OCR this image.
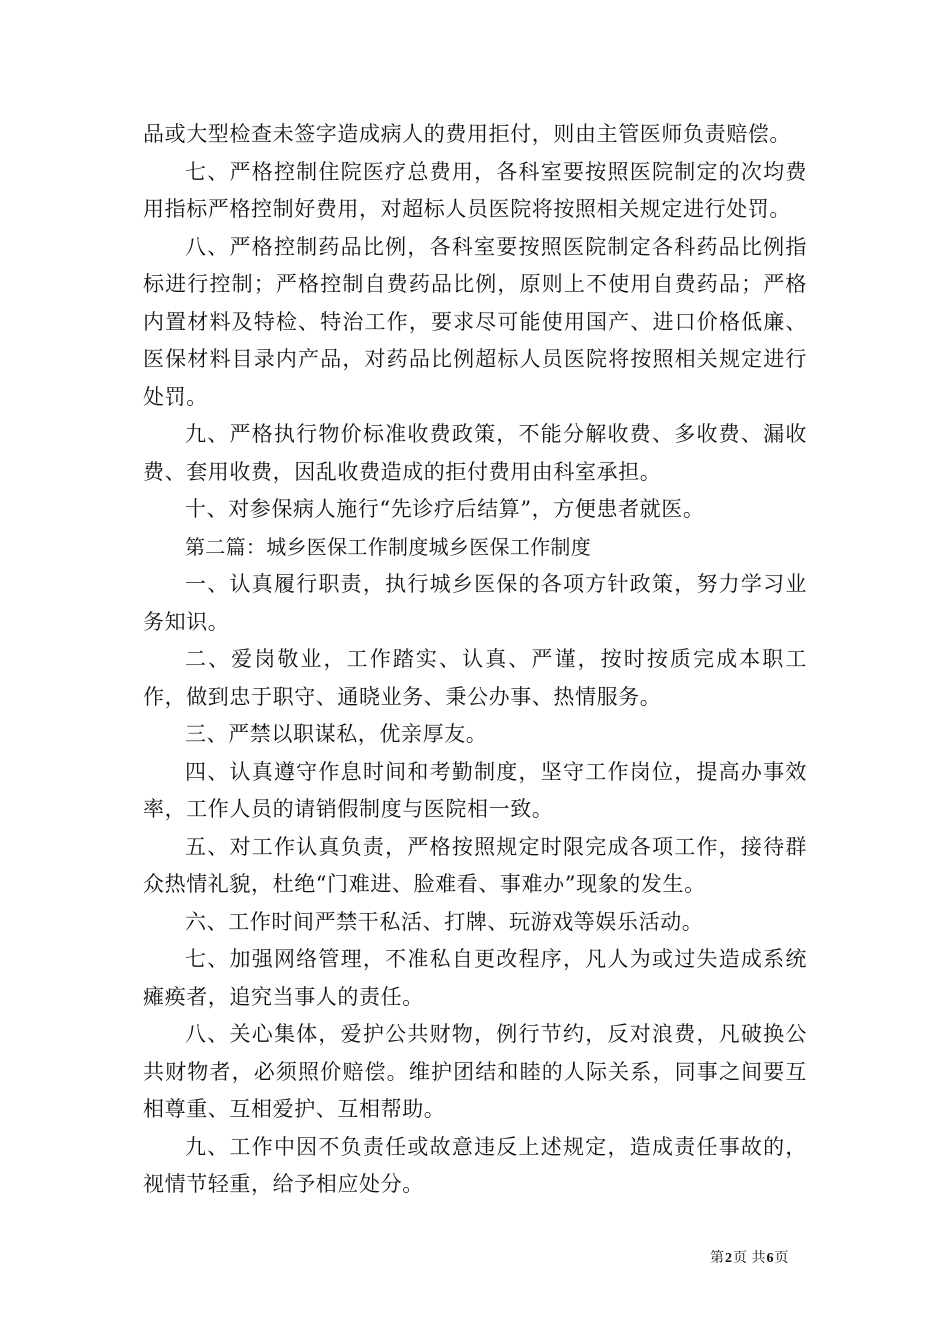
品或大型检查未签字造成病人的费用拒付，则由主管医师负责赔偿。

七、严格控制住院医疗总费用，各科室要按照医院制定的次均费用指标严格控制好费用，对超标人员医院将按照相关规定进行处罚。

八、严格控制药品比例，各科室要按照医院制定各科药品比例指标进行控制；严格控制自费药品比例，原则上不使用自费药品；严格内置材料及特检、特治工作，要求尽可能使用国产、进口价格低廉、医保材料目录内产品，对药品比例超标人员医院将按照相关规定进行处罚。

九、严格执行物价标准收费政策，不能分解收费、多收费、漏收费、套用收费，因乱收费造成的拒付费用由科室承担。

十、对参保病人施行“先诊疗后结算”，方便患者就医。

第二篇：城乡医保工作制度城乡医保工作制度

一、认真履行职责，执行城乡医保的各项方针政策，努力学习业务知识。

二、爱岗敬业，工作踏实、认真、严谨，按时按质完成本职工作，做到忠于职守、通晓业务、秉公办事、热情服务。

三、严禁以职谋私，优亲厚友。

四、认真遵守作息时间和考勤制度，坚守工作岗位，提高办事效率，工作人员的请销假制度与医院相一致。

五、对工作认真负责，严格按照规定时限完成各项工作，接待群众热情礼貌，杜绝“门难进、脸难看、事难办”现象的发生。

六、工作时间严禁干私活、打牌、玩游戏等娱乐活动。

七、加强网络管理，不准私自更改程序，凡人为或过失造成系统瘫痪者，追究当事人的责任。

八、关心集体，爱护公共财物，例行节约，反对浪费，凡破换公共财物者，必须照价赔偿。维护团结和睦的人际关系，同事之间要互相尊重、互相爱护、互相帮助。

九、工作中因不负责任或故意违反上述规定，造成责任事故的，视情节轻重，给予相应处分。

第2页 共6页
